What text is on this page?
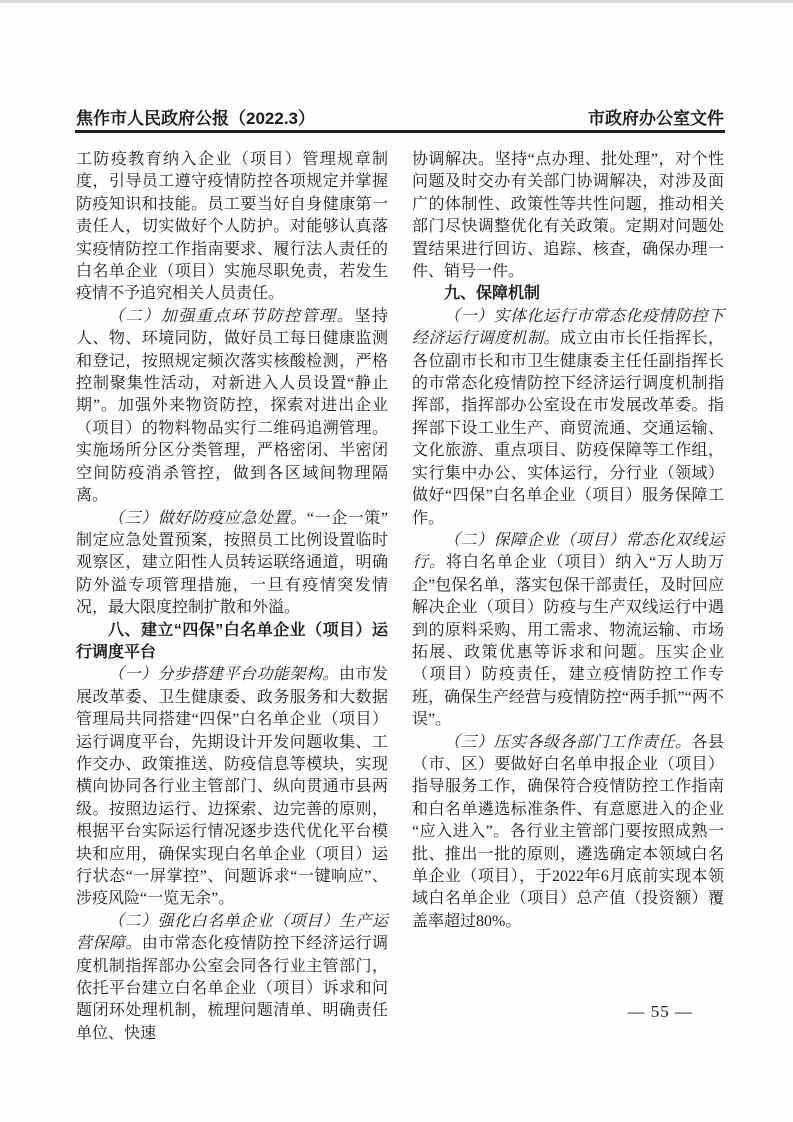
焦作市人民政府公报（2022.3）	市政府办公室文件

工防疫教育纳入企业（项目）管理规章制度，引导员工遵守疫情防控各项规定并掌握防疫知识和技能。员工要当好自身健康第一责任人，切实做好个人防护。对能够认真落实疫情防控工作指南要求、履行法人责任的白名单企业（项目）实施尽职免责，若发生疫情不予追究相关人员责任。

（二）加强重点环节防控管理。坚持人、物、环境同防，做好员工每日健康监测和登记，按照规定频次落实核酸检测，严格控制聚集性活动，对新进入人员设置“静止期”。加强外来物资防控，探索对进出企业（项目）的物料物品实行二维码追溯管理。实施场所分区分类管理，严格密闭、半密闭空间防疫消杀管控，做到各区域间物理隔离。

（三）做好防疫应急处置。“一企一策”制定应急处置预案，按照员工比例设置临时观察区，建立阳性人员转运联络通道，明确防外溢专项管理措施，一旦有疫情突发情况，最大限度控制扩散和外溢。

八、建立“四保”白名单企业（项目）运行调度平台

（一）分步搭建平台功能架构。由市发展改革委、卫生健康委、政务服务和大数据管理局共同搭建“四保”白名单企业（项目）运行调度平台，先期设计开发问题收集、工作交办、政策推送、防疫信息等模块，实现横向协同各行业主管部门、纵向贯通市县两级。按照边运行、边探索、边完善的原则，根据平台实际运行情况逐步迭代优化平台模块和应用，确保实现白名单企业（项目）运行状态“一屏掌控”、问题诉求“一键响应”、涉疫风险“一览无余”。

（二）强化白名单企业（项目）生产运营保障。由市常态化疫情防控下经济运行调度机制指挥部办公室会同各行业主管部门，依托平台建立白名单企业（项目）诉求和问题闭环处理机制，梳理问题清单、明确责任单位、快速

协调解决。坚持“点办理、批处理”，对个性问题及时交办有关部门协调解决，对涉及面广的体制性、政策性等共性问题，推动相关部门尽快调整优化有关政策。定期对问题处置结果进行回访、追踪、核查，确保办理一件、销号一件。

九、保障机制

（一）实体化运行市常态化疫情防控下经济运行调度机制。成立由市长任指挥长，各位副市长和市卫生健康委主任任副指挥长的市常态化疫情防控下经济运行调度机制指挥部，指挥部办公室设在市发展改革委。指挥部下设工业生产、商贸流通、交通运输、文化旅游、重点项目、防疫保障等工作组，实行集中办公、实体运行，分行业（领域）做好“四保”白名单企业（项目）服务保障工作。

（二）保障企业（项目）常态化双线运行。将白名单企业（项目）纳入“万人助万企”包保名单，落实包保干部责任，及时回应解决企业（项目）防疫与生产双线运行中遇到的原料采购、用工需求、物流运输、市场拓展、政策优惠等诉求和问题。压实企业（项目）防疫责任，建立疫情防控工作专班，确保生产经营与疫情防控“两手抓”“两不误”。

（三）压实各级各部门工作责任。各县（市、区）要做好白名单申报企业（项目）指导服务工作，确保符合疫情防控工作指南和白名单遴选标准条件、有意愿进入的企业“应入进入”。各行业主管部门要按照成熟一批、推出一批的原则，遴选确定本领域白名单企业（项目），于2022年6月底前实现本领域白名单企业（项目）总产值（投资额）覆盖率超过80%。

— 55 —
